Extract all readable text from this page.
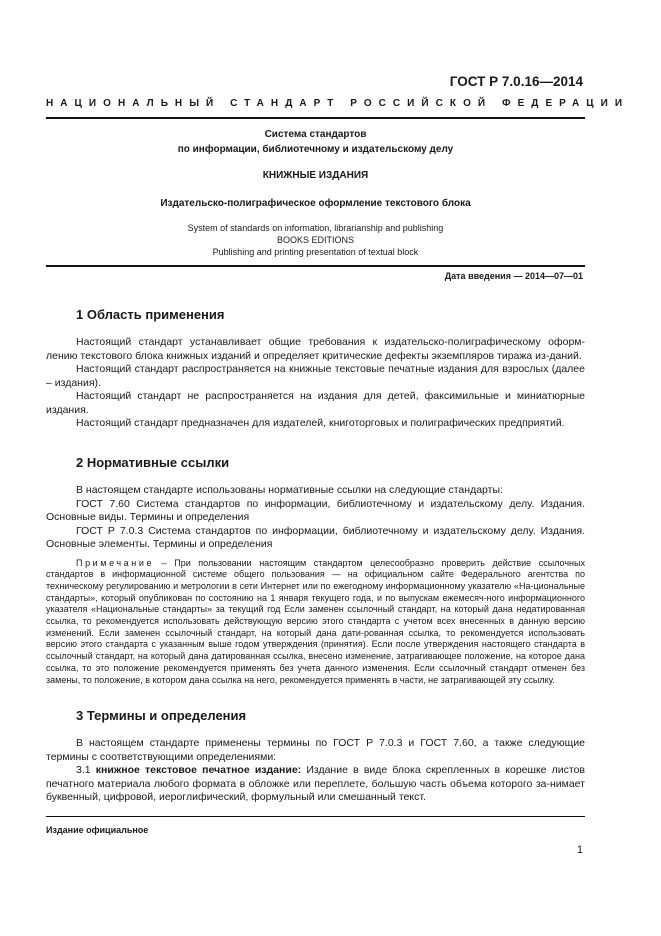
ГОСТ Р 7.0.16—2014
НАЦИОНАЛЬНЫЙ СТАНДАРТ РОССИЙСКОЙ ФЕДЕРАЦИИ
Система стандартов
по информации, библиотечному и издательскому делу
КНИЖНЫЕ ИЗДАНИЯ
Издательско-полиграфическое оформление текстового блока
System of standards on information, librarianship and publishing
BOOKS EDITIONS
Publishing and printing presentation of textual block
Дата введения — 2014—07—01
1 Область применения

Настоящий стандарт устанавливает общие требования к издательско-полиграфическому оформ-лению текстового блока книжных изданий и определяет критические дефекты экземпляров тиража из-даний.

Настоящий стандарт распространяется на книжные текстовые печатные издания для взрослых (далее – издания).

Настоящий стандарт не распространяется на издания для детей, факсимильные и миниатюрные издания.

Настоящий стандарт предназначен для издателей, книготорговых и полиграфических предприятий.

2 Нормативные ссылки

В настоящем стандарте использованы нормативные ссылки на следующие стандарты:

ГОСТ 7.60 Система стандартов по информации, библиотечному и издательскому делу. Издания. Основные виды. Термины и определения

ГОСТ Р 7.0.3 Система стандартов по информации, библиотечному и издательскому делу. Издания. Основные элементы. Термины и определения

Примечание – При пользовании настоящим стандартом целесообразно проверить действие ссылочных стандартов в информационной системе общего пользования — на официальном сайте Федерального агентства по техническому регулированию и метрологии в сети Интернет или по ежегодному информационному указателю «На-циональные стандарты», который опубликован по состоянию на 1 января текущего года, и по выпускам ежемесяч-ного информационного указателя «Национальные стандарты» за текущий год Если заменен ссылочный стандарт, на который дана недатированная ссылка, то рекомендуется использовать действующую версию этого стандарта с учетом всех внесенных в данную версию изменений. Если заменен ссылочный стандарт, на который дана дати-рованная ссылка, то рекомендуется использовать версию этого стандарта с указанным выше годом утверждения (принятия). Если после утверждения настоящего стандарта в ссылочный стандарт, на который дана датированная ссылка, внесено изменение, затрагивающее положение, на которое дана ссылка, то это положение рекомендуется применять без учета данного изменения. Если ссылочный стандарт отменен без замены, то положение, в котором дана ссылка на него, рекомендуется применять в части, не затрагивающей эту ссылку.

3 Термины и определения

В настоящем стандарте применены термины по ГОСТ Р 7.0.3 и ГОСТ 7.60, а также следующие термины с соответствующими определениями:

3.1 книжное текстовое печатное издание: Издание в виде блока скрепленных в корешке листов печатного материала любого формата в обложке или переплете, большую часть объема которого за-нимает буквенный, цифровой, иероглифический, формульный или смешанный текст.

Издание официальное
1
